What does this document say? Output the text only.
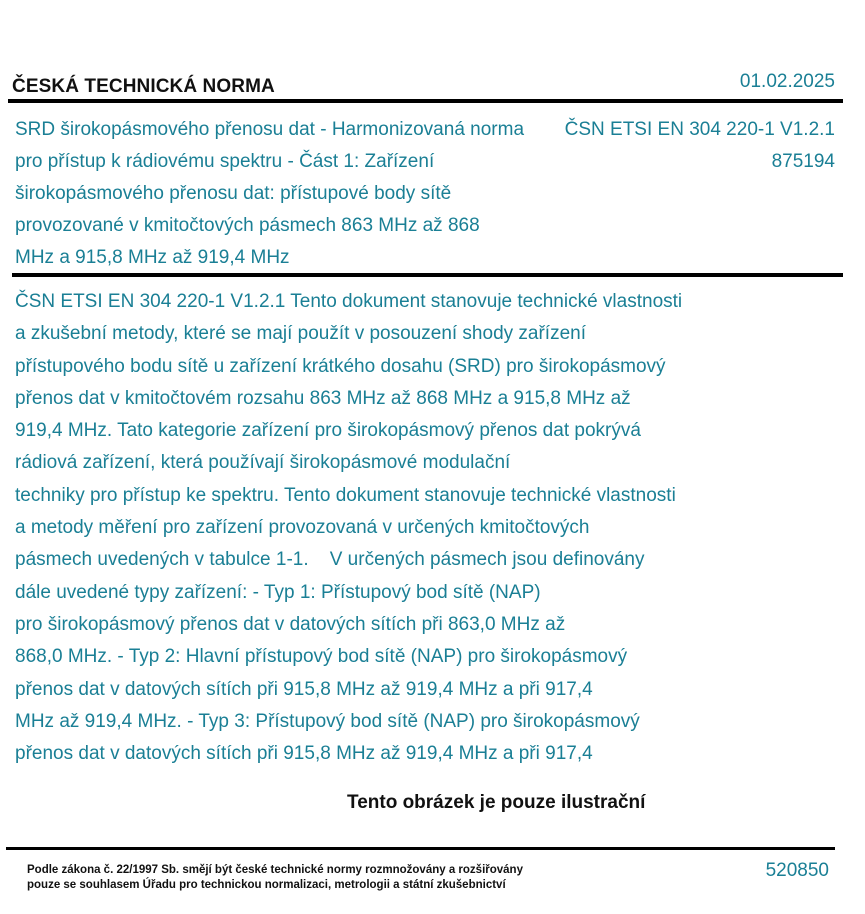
ČESKÁ TECHNICKÁ NORMA	01.02.2025
SRD širokopásmového přenosu dat - Harmonizovaná norma
pro přístup k rádiovému spektru - Část 1: Zařízení
širokopásmového přenosu dat: přístupové body sítě
provozované v kmitočtových pásmech 863 MHz až 868
MHz a 915,8 MHz až 919,4 MHz
ČSN ETSI EN 304 220-1 V1.2.1
875194
ČSN ETSI EN 304 220-1 V1.2.1 Tento dokument stanovuje technické vlastnosti
a zkušební metody, které se mají použít v posouzení shody zařízení
přístupového bodu sítě u zařízení krátkého dosahu (SRD) pro širokopásmový
přenos dat v kmitočtovém rozsahu 863 MHz až 868 MHz a 915,8 MHz až
919,4 MHz. Tato kategorie zařízení pro širokopásmový přenos dat pokrývá
rádiová zařízení, která používají širokopásmové modulační
techniky pro přístup ke spektru. Tento dokument stanovuje technické vlastnosti
a metody měření pro zařízení provozovaná v určených kmitočtových
pásmech uvedených v tabulce 1-1.    V určených pásmech jsou definovány
dále uvedené typy zařízení: - Typ 1: Přístupový bod sítě (NAP)
pro širokopásmový přenos dat v datových sítích při 863,0 MHz až
868,0 MHz. - Typ 2: Hlavní přístupový bod sítě (NAP) pro širokopásmový
přenos dat v datových sítích při 915,8 MHz až 919,4 MHz a při 917,4
MHz až 919,4 MHz. - Typ 3: Přístupový bod sítě (NAP) pro širokopásmový
přenos dat v datových sítích při 915,8 MHz až 919,4 MHz a při 917,4
Tento obrázek je pouze ilustrační
Podle zákona č. 22/1997 Sb. smějí být české technické normy rozmnožovány a rozšiřovány
pouze se souhlasem Úřadu pro technickou normalizaci, metrologii a státní zkušebnictví
520850
